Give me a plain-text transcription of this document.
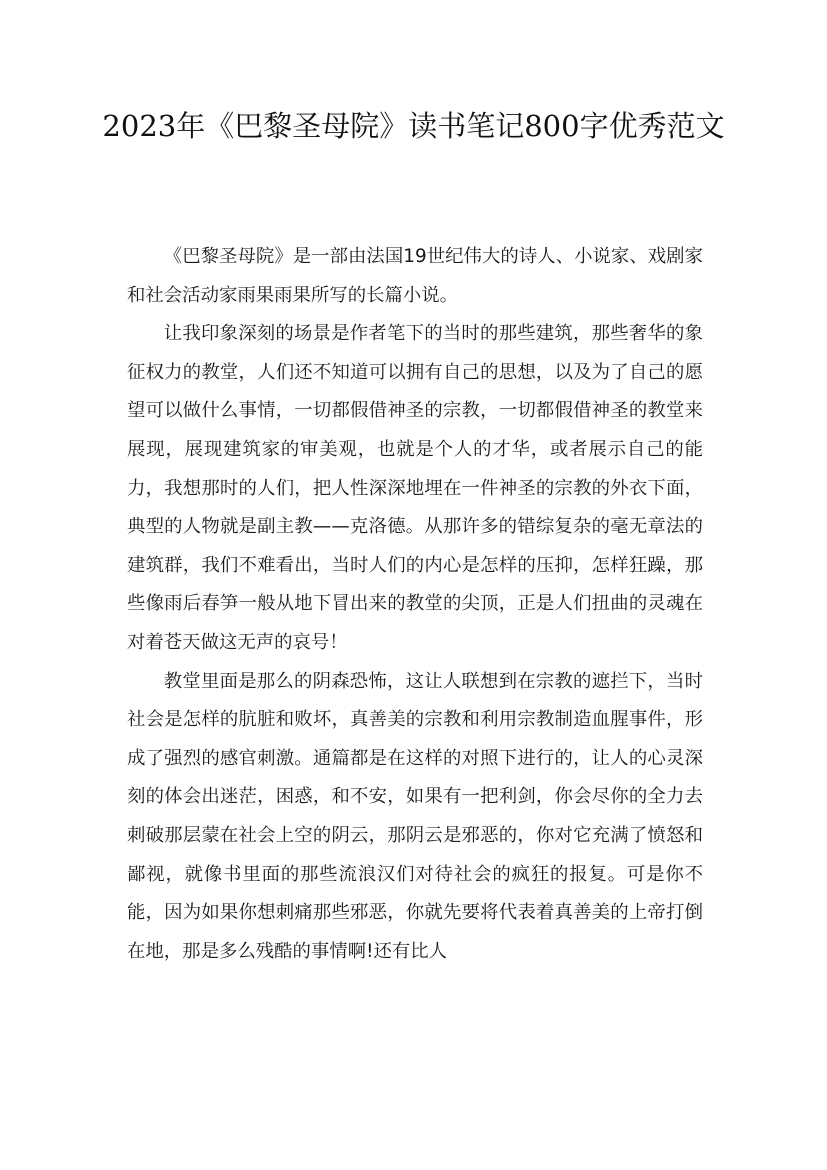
2023年《巴黎圣母院》读书笔记800字优秀范文

《巴黎圣母院》是一部由法国19世纪伟大的诗人、小说家、戏剧家和社会活动家雨果雨果所写的长篇小说。

让我印象深刻的场景是作者笔下的当时的那些建筑，那些奢华的象征权力的教堂，人们还不知道可以拥有自己的思想，以及为了自己的愿望可以做什么事情，一切都假借神圣的宗教，一切都假借神圣的教堂来展现，展现建筑家的审美观，也就是个人的才华，或者展示自己的能力，我想那时的人们，把人性深深地埋在一件神圣的宗教的外衣下面，典型的人物就是副主教——克洛德。从那许多的错综复杂的毫无章法的建筑群，我们不难看出，当时人们的内心是怎样的压抑，怎样狂躁，那些像雨后春笋一般从地下冒出来的教堂的尖顶，正是人们扭曲的灵魂在对着苍天做这无声的哀号！

教堂里面是那么的阴森恐怖，这让人联想到在宗教的遮拦下，当时社会是怎样的肮脏和败坏，真善美的宗教和利用宗教制造血腥事件，形成了强烈的感官刺激。通篇都是在这样的对照下进行的，让人的心灵深刻的体会出迷茫，困惑，和不安，如果有一把利剑，你会尽你的全力去刺破那层蒙在社会上空的阴云，那阴云是邪恶的，你对它充满了愤怒和鄙视，就像书里面的那些流浪汉们对待社会的疯狂的报复。可是你不能，因为如果你想刺痛那些邪恶，你就先要将代表着真善美的上帝打倒在地，那是多么残酷的事情啊!还有比人
